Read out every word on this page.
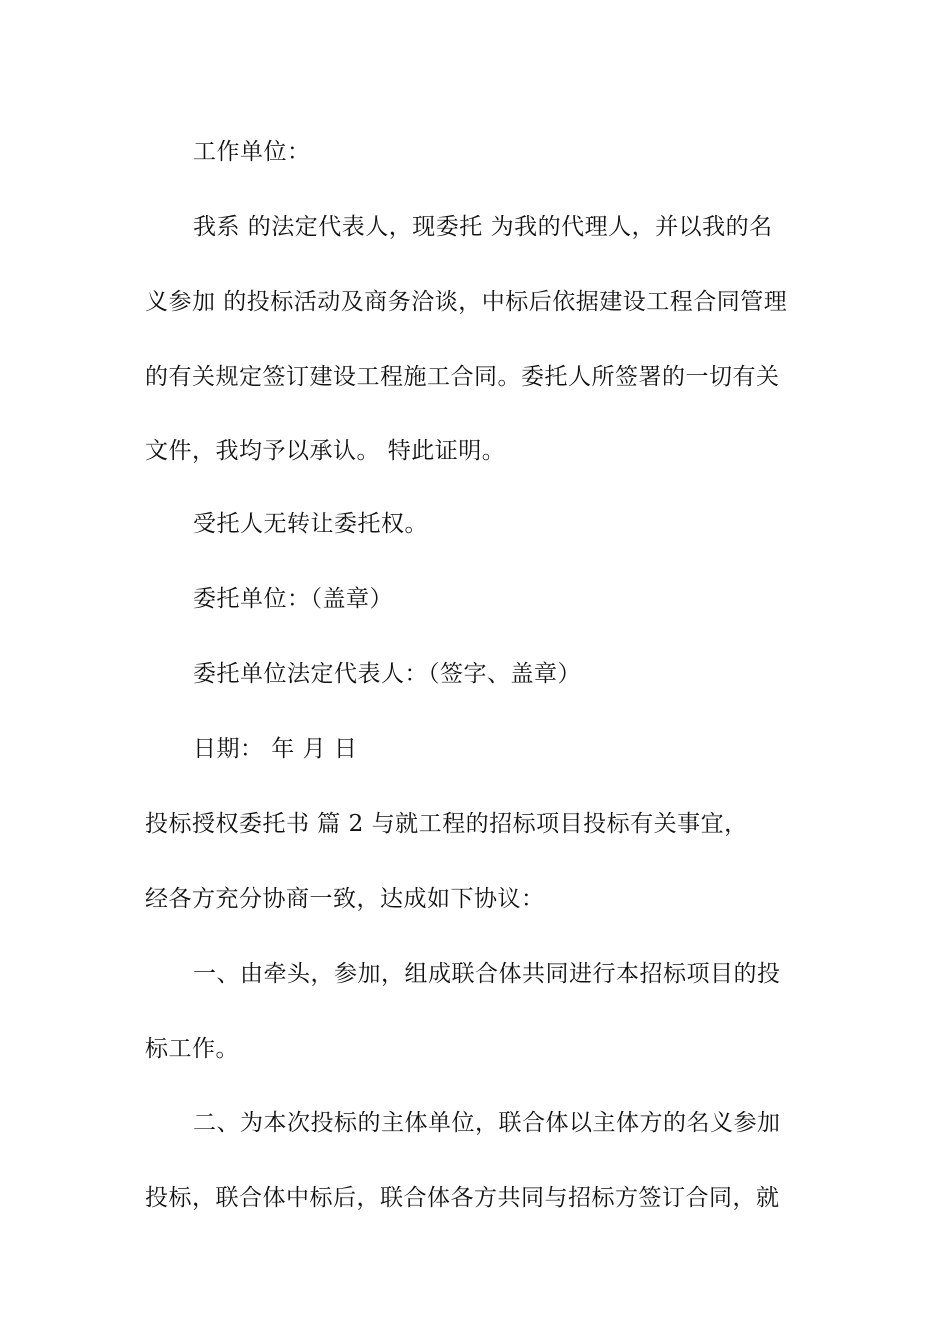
工作单位：
我系 的法定代表人，现委托 为我的代理人，并以我的名
义参加 的投标活动及商务洽谈，中标后依据建设工程合同管理
的有关规定签订建设工程施工合同。委托人所签署的一切有关
文件，我均予以承认。 特此证明。
受托人无转让委托权。
委托单位：（盖章）
委托单位法定代表人：（签字、盖章）
日期： 年 月 日
投标授权委托书 篇 2 与就工程的招标项目投标有关事宜，
经各方充分协商一致，达成如下协议：
一、由牵头，参加，组成联合体共同进行本招标项目的投
标工作。
二、为本次投标的主体单位，联合体以主体方的名义参加
投标，联合体中标后，联合体各方共同与招标方签订合同，就
